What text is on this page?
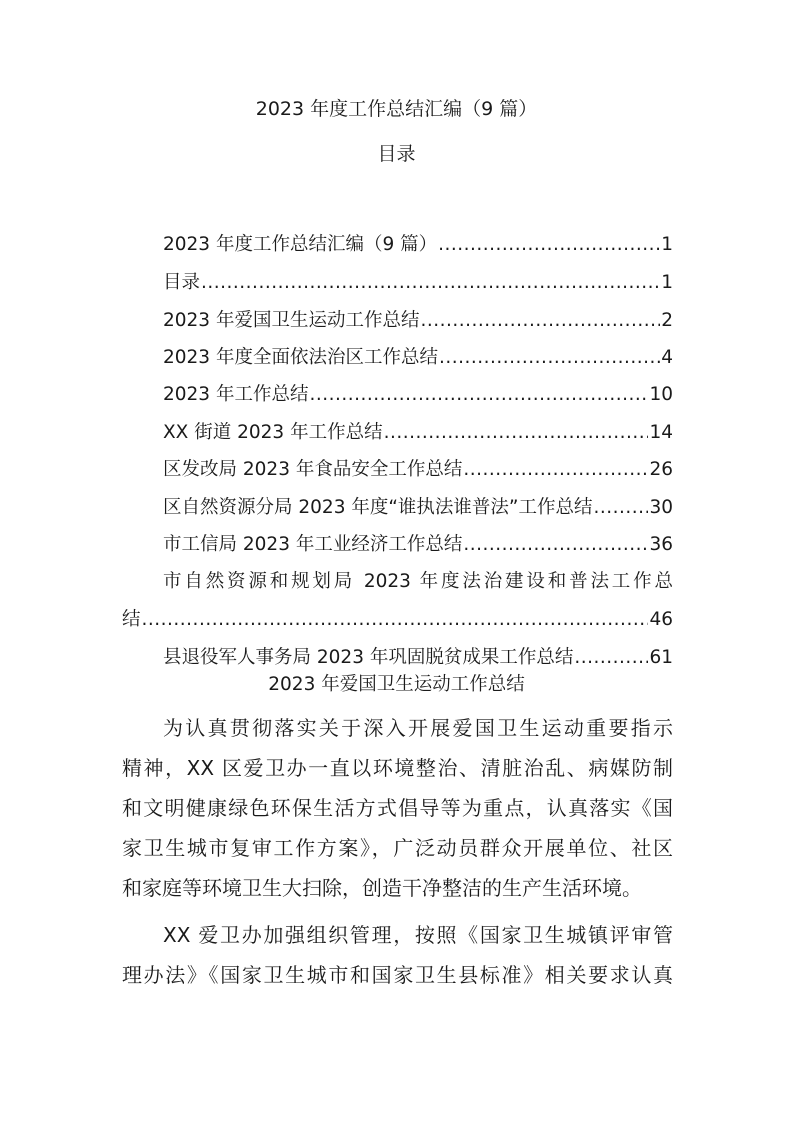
2023 年度工作总结汇编（9 篇）
目录
2023 年度工作总结汇编（9 篇） .....	1
目录 .....	1
2023 年爱国卫生运动工作总结 .....	2
2023 年度全面依法治区工作总结 .....	4
2023 年工作总结 .....	10
XX 街道 2023 年工作总结 .....	14
区发改局 2023 年食品安全工作总结 .....	26
区自然资源分局 2023 年度“谁执法谁普法”工作总结 .....	30
市工信局 2023 年工业经济工作总结 .....	36
市自然资源和规划局 2023 年度法治建设和普法工作总
结 .....	46
县退役军人事务局 2023 年巩固脱贫成果工作总结 .....	61
2023 年爱国卫生运动工作总结
为认真贯彻落实关于深入开展爱国卫生运动重要指示
精神，XX 区爱卫办一直以环境整治、清脏治乱、病媒防制
和文明健康绿色环保生活方式倡导等为重点，认真落实《国
家卫生城市复审工作方案》，广泛动员群众开展单位、社区
和家庭等环境卫生大扫除，创造干净整洁的生产生活环境。
XX 爱卫办加强组织管理，按照《国家卫生城镇评审管
理办法》《国家卫生城市和国家卫生县标准》相关要求认真
